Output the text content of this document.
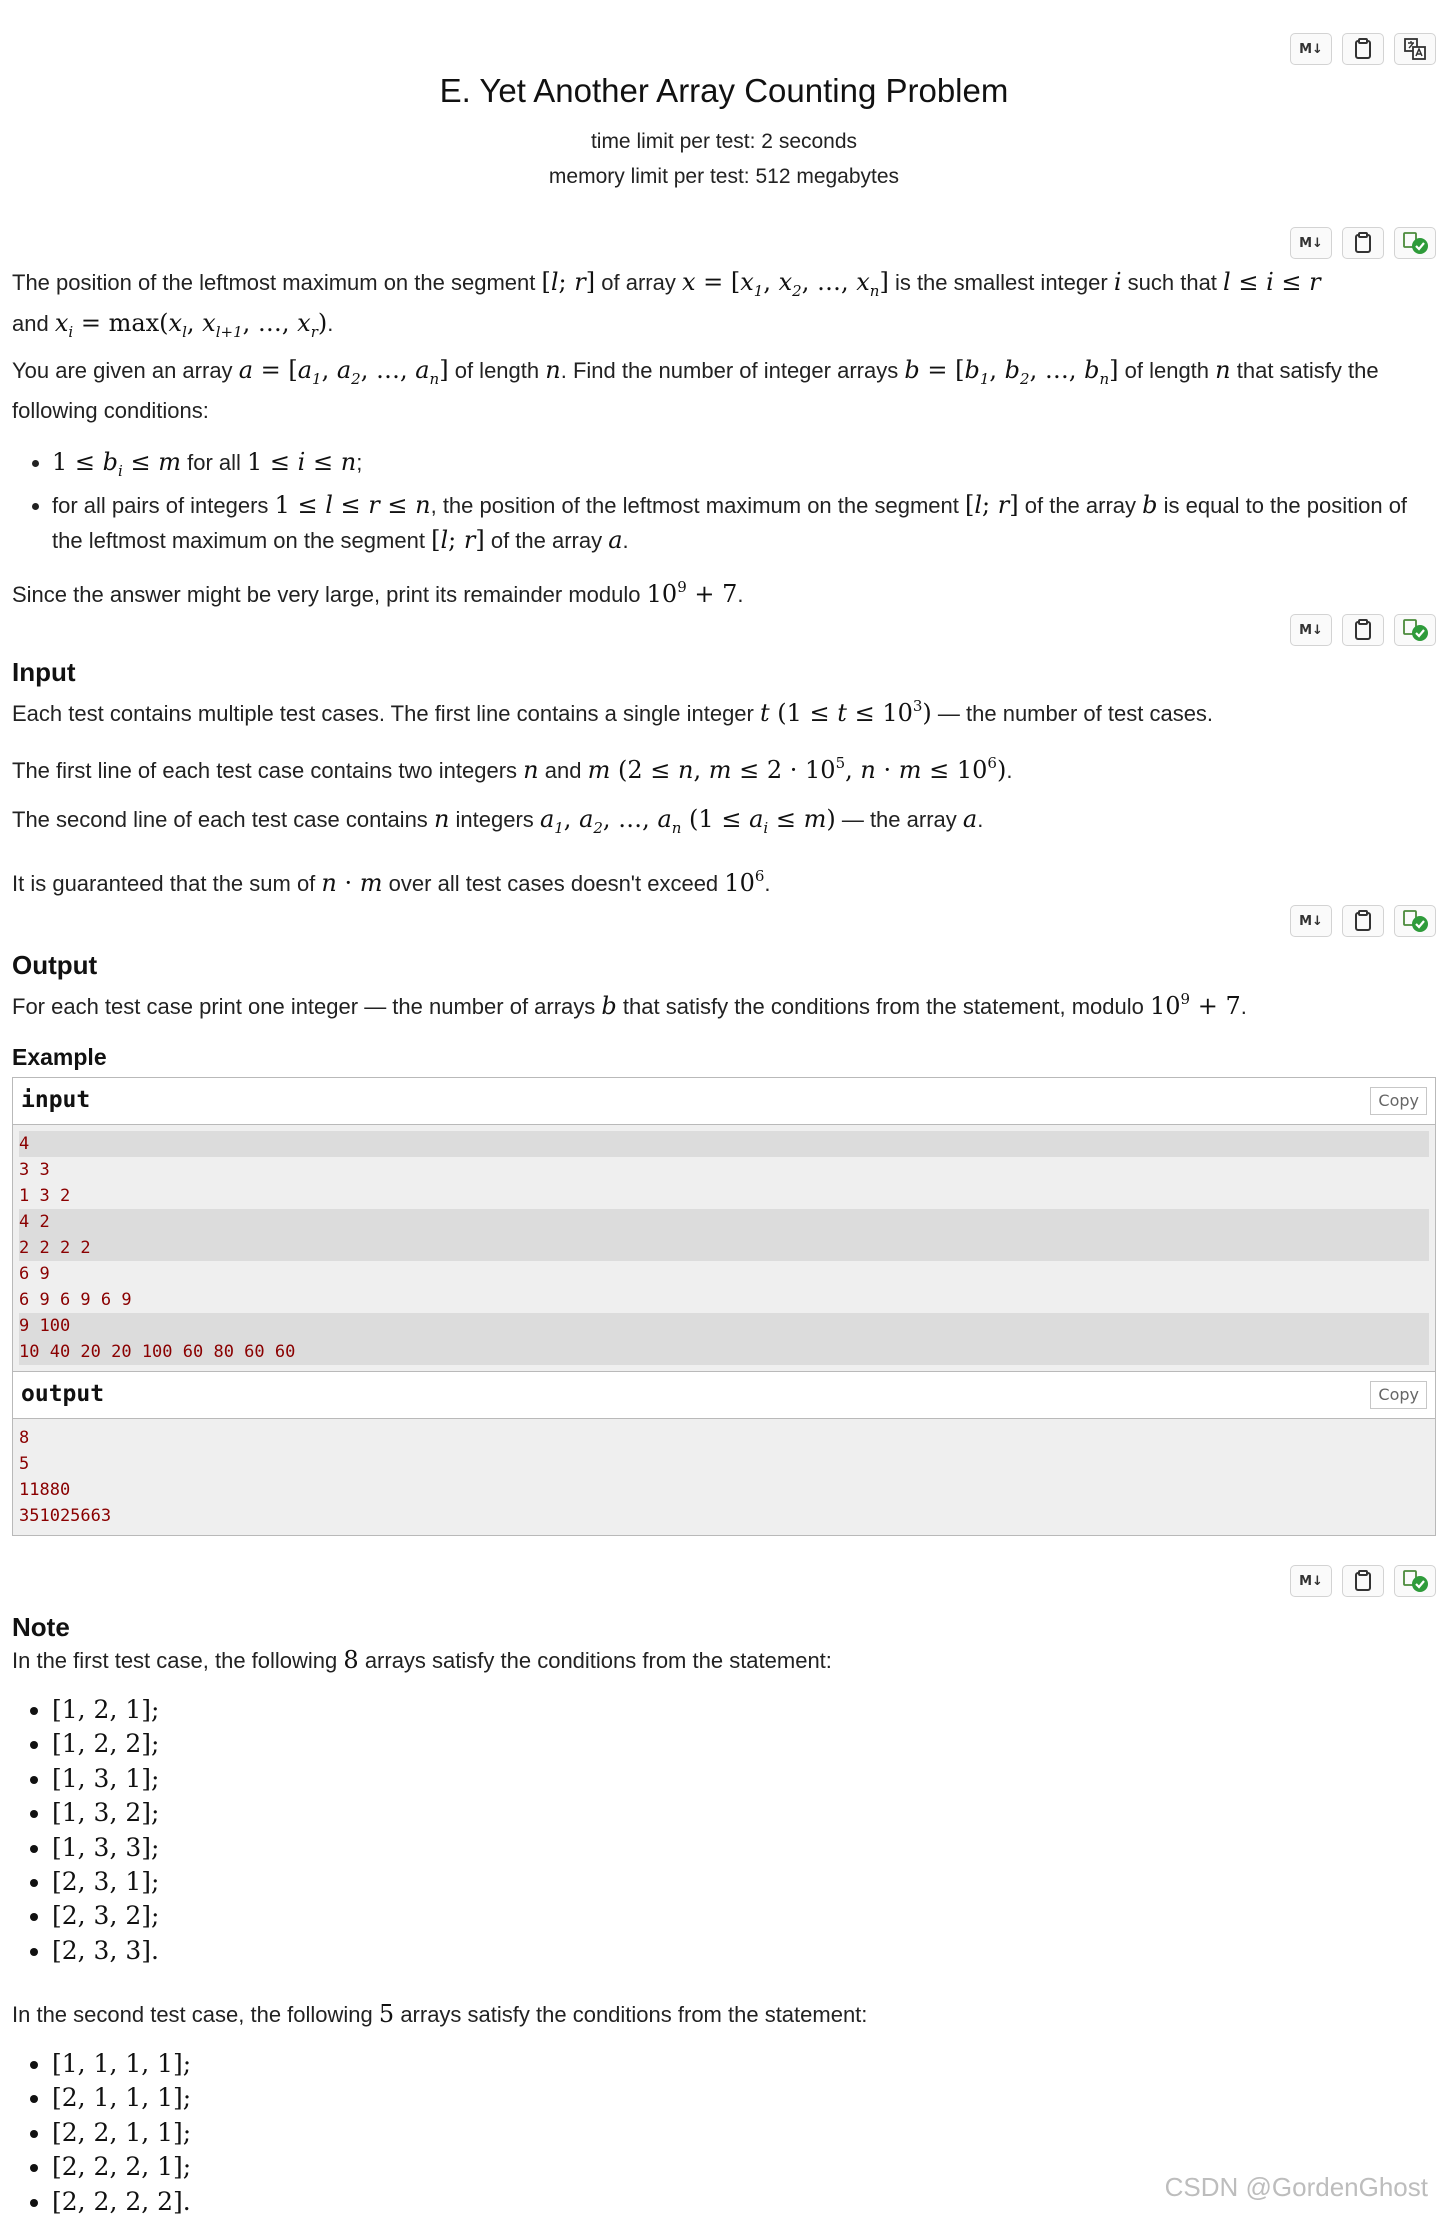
M↓
E. Yet Another Array Counting Problem
time limit per test: 2 seconds
memory limit per test: 512 megabytes
M↓
The position of the leftmost maximum on the segment [l; r] of array $x = [x_1$, $x_2$, …, $x_n$] is the smallest integer i such that l ≤ i ≤ r
and $x_i = \max(x_l$, $x_{l+1}$, …, $x_r$).
You are given an array $a = [a_1$, $a_2$, …, $a_n$] of length n. Find the number of integer arrays $b = [b_1$, $b_2$, …, $b_n$] of length n that satisfy the following conditions:
• $1 \le b_i \le m$ for all 1 ≤ i ≤ n;
• for all pairs of integers 1 ≤ l ≤ r ≤ n, the position of the leftmost maximum on the segment [l; r] of the array b is equal to the position of the leftmost maximum on the segment [l; r] of the array a.
Since the answer might be very large, print its remainder modulo $10^9 + 7$.
M↓
Input
Each test contains multiple test cases. The first line contains a single integer t $(1 \le t \le 10^3)$ — the number of test cases.
The first line of each test case contains two integers n and m (2 ≤ n, $m \le 2 \cdot 10^5$, $n \cdot m \le 10^6$).
The second line of each test case contains n integers $a_1$, $a_2$, …, $a_n$ $(1 \le a_i \le m)$ — the array a.
It is guaranteed that the sum of n · m over all test cases doesn't exceed $10^6$.
M↓
Output
For each test case print one integer — the number of arrays b that satisfy the conditions from the statement, modulo $10^9 + 7$.
Example
input	Copy
4
3 3
1 3 2
4 2
2 2 2 2
6 9
6 9 6 9 6 9
9 100
10 40 20 20 100 60 80 60 60
output	Copy
8
5
11880
351025663
M↓
Note
In the first test case, the following 8 arrays satisfy the conditions from the statement:
• [1, 2, 1];
• [1, 2, 2];
• [1, 3, 1];
• [1, 3, 2];
• [1, 3, 3];
• [2, 3, 1];
• [2, 3, 2];
• [2, 3, 3].
In the second test case, the following 5 arrays satisfy the conditions from the statement:
• [1, 1, 1, 1];
• [2, 1, 1, 1];
• [2, 2, 1, 1];
• [2, 2, 2, 1];
• [2, 2, 2, 2].	CSDN @GordenGhost
